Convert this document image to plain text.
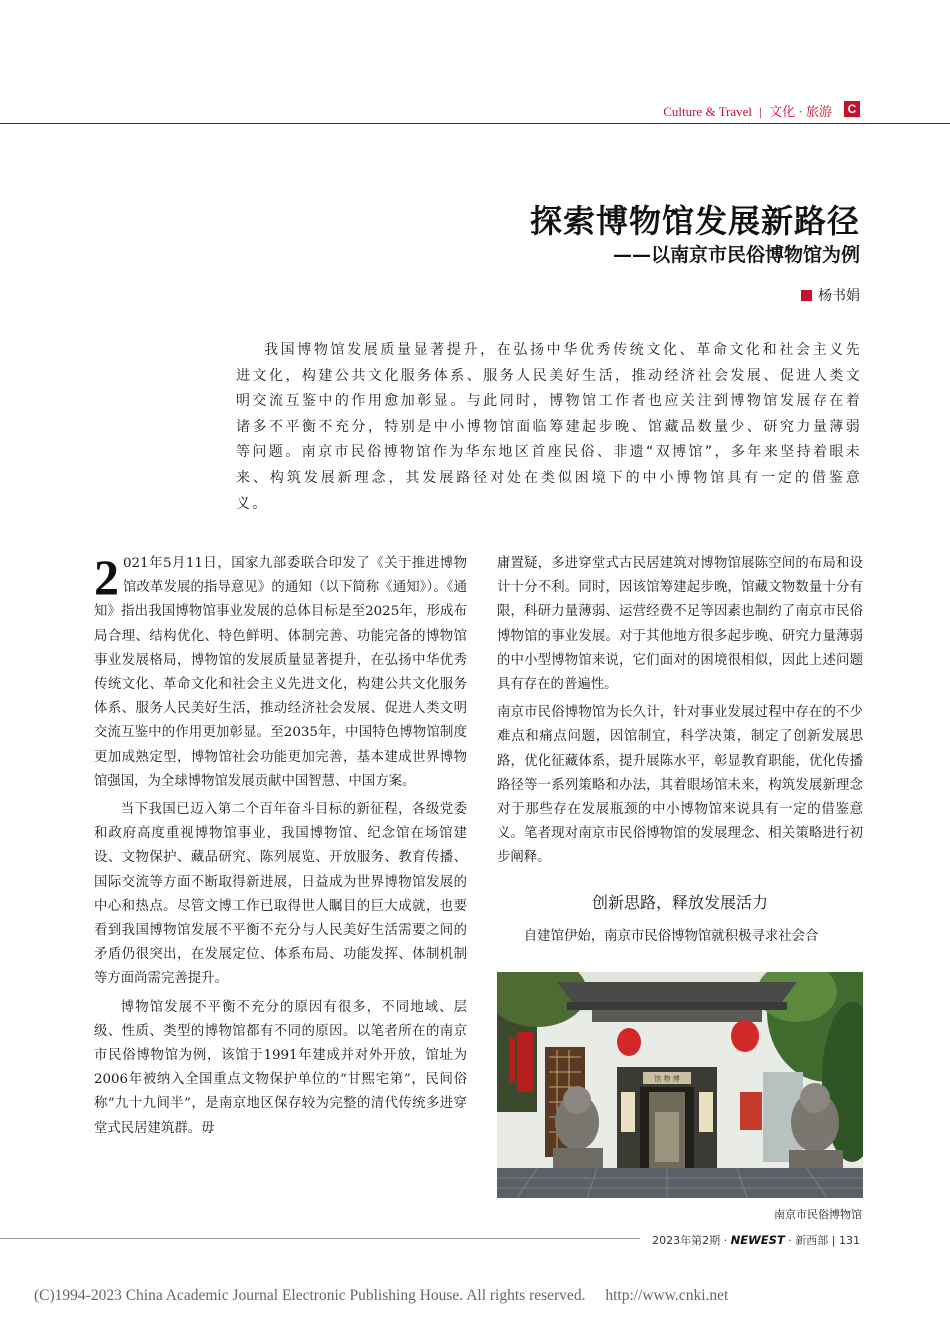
Culture & Travel | 文化 · 旅游	C
探索博物馆发展新路径
——以南京市民俗博物馆为例
杨书娟

我国博物馆发展质量显著提升，在弘扬中华优秀传统文化、革命文化和社会主义先进文化，构建公共文化服务体系、服务人民美好生活，推动经济社会发展、促进人类文明交流互鉴中的作用愈加彰显。与此同时，博物馆工作者也应关注到博物馆发展存在着诸多不平衡不充分，特别是中小博物馆面临筹建起步晚、馆藏品数量少、研究力量薄弱等问题。南京市民俗博物馆作为华东地区首座民俗、非遗“双博馆”，多年来坚持着眼未来、构筑发展新理念，其发展路径对处在类似困境下的中小博物馆具有一定的借鉴意义。

2 021年5月11日，国家九部委联合印发了《关于推进博物馆改革发展的指导意见》的通知（以下简称《通知》）。《通知》指出我国博物馆事业发展的总体目标是至2025年，形成布局合理、结构优化、特色鲜明、体制完善、功能完备的博物馆事业发展格局，博物馆的发展质量显著提升，在弘扬中华优秀传统文化、革命文化和社会主义先进文化，构建公共文化服务体系、服务人民美好生活，推动经济社会发展、促进人类文明交流互鉴中的作用更加彰显。至2035年，中国特色博物馆制度更加成熟定型，博物馆社会功能更加完善，基本建成世界博物馆强国，为全球博物馆发展贡献中国智慧、中国方案。

当下我国已迈入第二个百年奋斗目标的新征程，各级党委和政府高度重视博物馆事业，我国博物馆、纪念馆在场馆建设、文物保护、藏品研究、陈列展览、开放服务、教育传播、国际交流等方面不断取得新进展，日益成为世界博物馆发展的中心和热点。尽管文博工作已取得世人瞩目的巨大成就，也要看到我国博物馆发展不平衡不充分与人民美好生活需要之间的矛盾仍很突出，在发展定位、体系布局、功能发挥、体制机制等方面尚需完善提升。

博物馆发展不平衡不充分的原因有很多，不同地域、层级、性质、类型的博物馆都有不同的原因。以笔者所在的南京市民俗博物馆为例，该馆于1991年建成并对外开放，馆址为2006年被纳入全国重点文物保护单位的“甘熙宅第”，民间俗称“九十九间半”，是南京地区保存较为完整的清代传统多进穿堂式民居建筑群。毋

庸置疑，多进穿堂式古民居建筑对博物馆展陈空间的布局和设计十分不利。同时，因该馆筹建起步晚，馆藏文物数量十分有限，科研力量薄弱、运营经费不足等因素也制约了南京市民俗博物馆的事业发展。对于其他地方很多起步晚、研究力量薄弱的中小型博物馆来说，它们面对的困境很相似，因此上述问题具有存在的普遍性。

南京市民俗博物馆为长久计，针对事业发展过程中存在的不少难点和痛点问题，因馆制宜，科学决策，制定了创新发展思路，优化征藏体系，提升展陈水平，彰显教育职能，优化传播路径等一系列策略和办法，其着眼场馆未来，构筑发展新理念对于那些存在发展瓶颈的中小博物馆来说具有一定的借鉴意义。笔者现对南京市民俗博物馆的发展理念、相关策略进行初步阐释。

创新思路，释放发展活力
自建馆伊始，南京市民俗博物馆就积极寻求社会合
馆 物 博
南京市民俗博物馆
2023年第2期 · NEWEST · 新西部 | 131
(C)1994-2023 China Academic Journal Electronic Publishing House. All rights reserved. http://www.cnki.net
